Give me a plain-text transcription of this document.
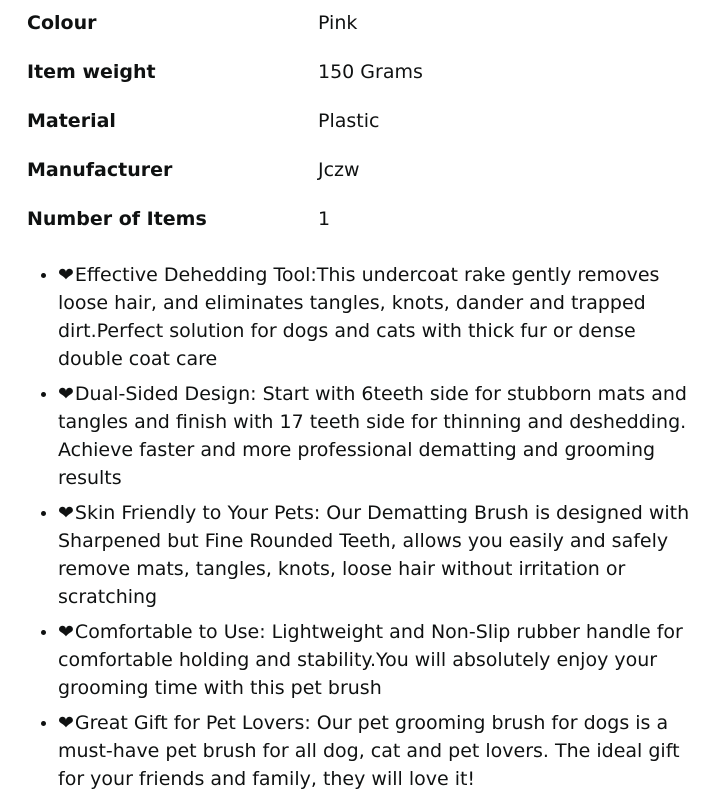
Colour	Pink
Item weight	150 Grams
Material	Plastic
Manufacturer	Jczw
Number of Items	1
• ❤Effective Dehedding Tool:This undercoat rake gently removes loose hair, and eliminates tangles, knots, dander and trapped dirt.Perfect solution for dogs and cats with thick fur or dense double coat care
• ❤Dual-Sided Design: Start with 6teeth side for stubborn mats and tangles and finish with 17 teeth side for thinning and deshedding. Achieve faster and more professional dematting and grooming results
• ❤Skin Friendly to Your Pets: Our Dematting Brush is designed with Sharpened but Fine Rounded Teeth, allows you easily and safely remove mats, tangles, knots, loose hair without irritation or scratching
• ❤Comfortable to Use: Lightweight and Non-Slip rubber handle for comfortable holding and stability.You will absolutely enjoy your grooming time with this pet brush
• ❤Great Gift for Pet Lovers: Our pet grooming brush for dogs is a must-have pet brush for all dog, cat and pet lovers. The ideal gift for your friends and family, they will love it!
